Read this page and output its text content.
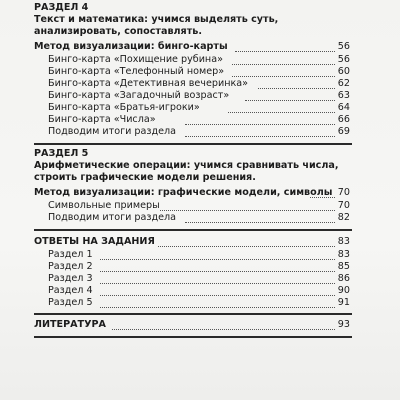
РАЗДЕЛ 4
Текст и математика: учимся выделять суть,
анализировать, сопоставлять.
Метод визуализации: бинго-карты	56
Бинго-карта «Похищение рубина»	56
Бинго-карта «Телефонный номер»	60
Бинго-карта «Детективная вечеринка»	62
Бинго-карта «Загадочный возраст»	63
Бинго-карта «Братья-игроки»	64
Бинго-карта «Числа»	66
Подводим итоги раздела	69
РАЗДЕЛ 5
Арифметические операции: учимся сравнивать числа,
строить графические модели решения.
Метод визуализации: графические модели, символы 70
Символьные примеры	70
Подводим итоги раздела	82
ОТВЕТЫ НА ЗАДАНИЯ	83
Раздел 1	83
Раздел 2	85
Раздел 3	86
Раздел 4	90
Раздел 5	91
ЛИТЕРАТУРА	93
